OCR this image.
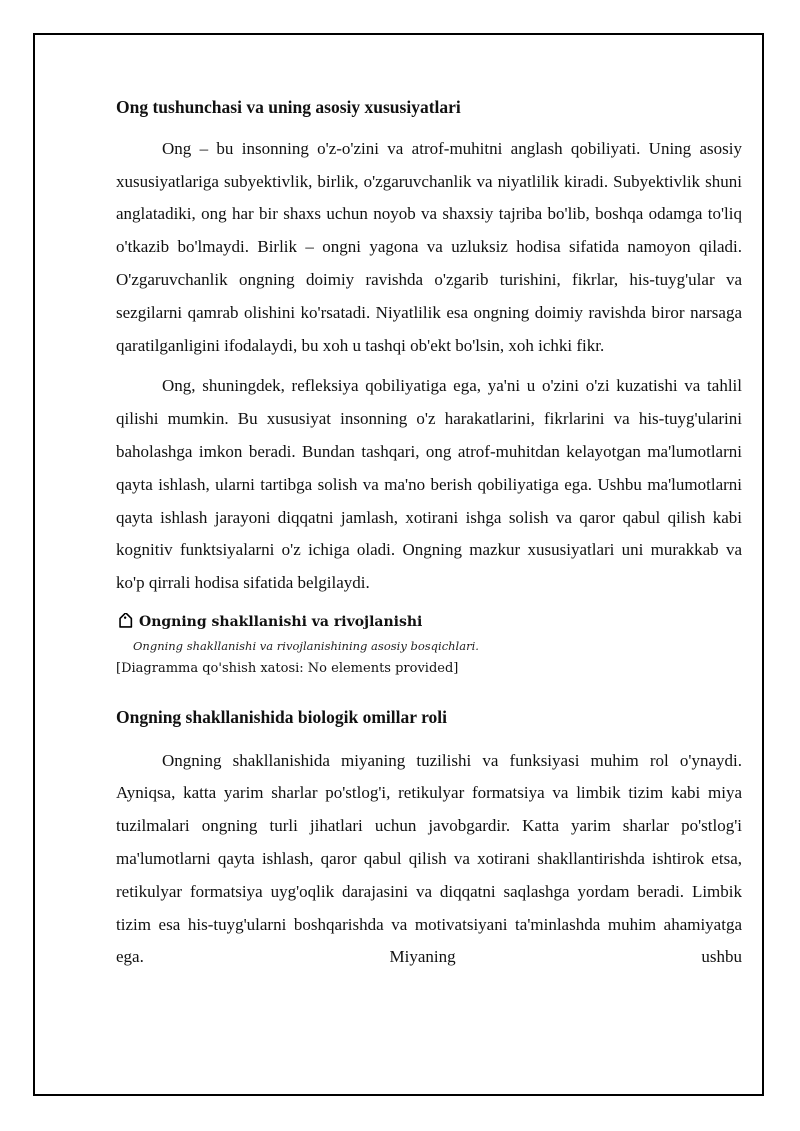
Ong tushunchasi va uning asosiy xususiyatlari

Ong – bu insonning o'z-o'zini va atrof-muhitni anglash qobiliyati. Uning asosiy xususiyatlariga subyektivlik, birlik, o'zgaruvchanlik va niyatlilik kiradi. Subyektivlik shuni anglatadiki, ong har bir shaxs uchun noyob va shaxsiy tajriba bo'lib, boshqa odamga to'liq o'tkazib bo'lmaydi. Birlik – ongni yagona va uzluksiz hodisa sifatida namoyon qiladi. O'zgaruvchanlik ongning doimiy ravishda o'zgarib turishini, fikrlar, his-tuyg'ular va sezgilarni qamrab olishini ko'rsatadi. Niyatlilik esa ongning doimiy ravishda biror narsaga qaratilganligini ifodalaydi, bu xoh u tashqi ob'ekt bo'lsin, xoh ichki fikr.

Ong, shuningdek, refleksiya qobiliyatiga ega, ya'ni u o'zini o'zi kuzatishi va tahlil qilishi mumkin. Bu xususiyat insonning o'z harakatlarini, fikrlarini va his-tuyg'ularini baholashga imkon beradi. Bundan tashqari, ong atrof-muhitdan kelayotgan ma'lumotlarni qayta ishlash, ularni tartibga solish va ma'no berish qobiliyatiga ega. Ushbu ma'lumotlarni qayta ishlash jarayoni diqqatni jamlash, xotirani ishga solish va qaror qabul qilish kabi kognitiv funktsiyalarni o'z ichiga oladi. Ongning mazkur xususiyatlari uni murakkab va ko'p qirrali hodisa sifatida belgilaydi.

Ongning shakllanishi va rivojlanishi
Ongning shakllanishi va rivojlanishining asosiy bosqichlari.
[Diagramma qo'shish xatosi: No elements provided]
Ongning shakllanishida biologik omillar roli

Ongning shakllanishida miyaning tuzilishi va funksiyasi muhim rol o'ynaydi. Ayniqsa, katta yarim sharlar po'stlog'i, retikulyar formatsiya va limbik tizim kabi miya tuzilmalari ongning turli jihatlari uchun javobgardir. Katta yarim sharlar po'stlog'i ma'lumotlarni qayta ishlash, qaror qabul qilish va xotirani shakllantirishda ishtirok etsa, retikulyar formatsiya uyg'oqlik darajasini va diqqatni saqlashga yordam beradi. Limbik tizim esa his-tuyg'ularni boshqarishda va motivatsiyani ta'minlashda muhim ahamiyatga ega. Miyaning ushbu
